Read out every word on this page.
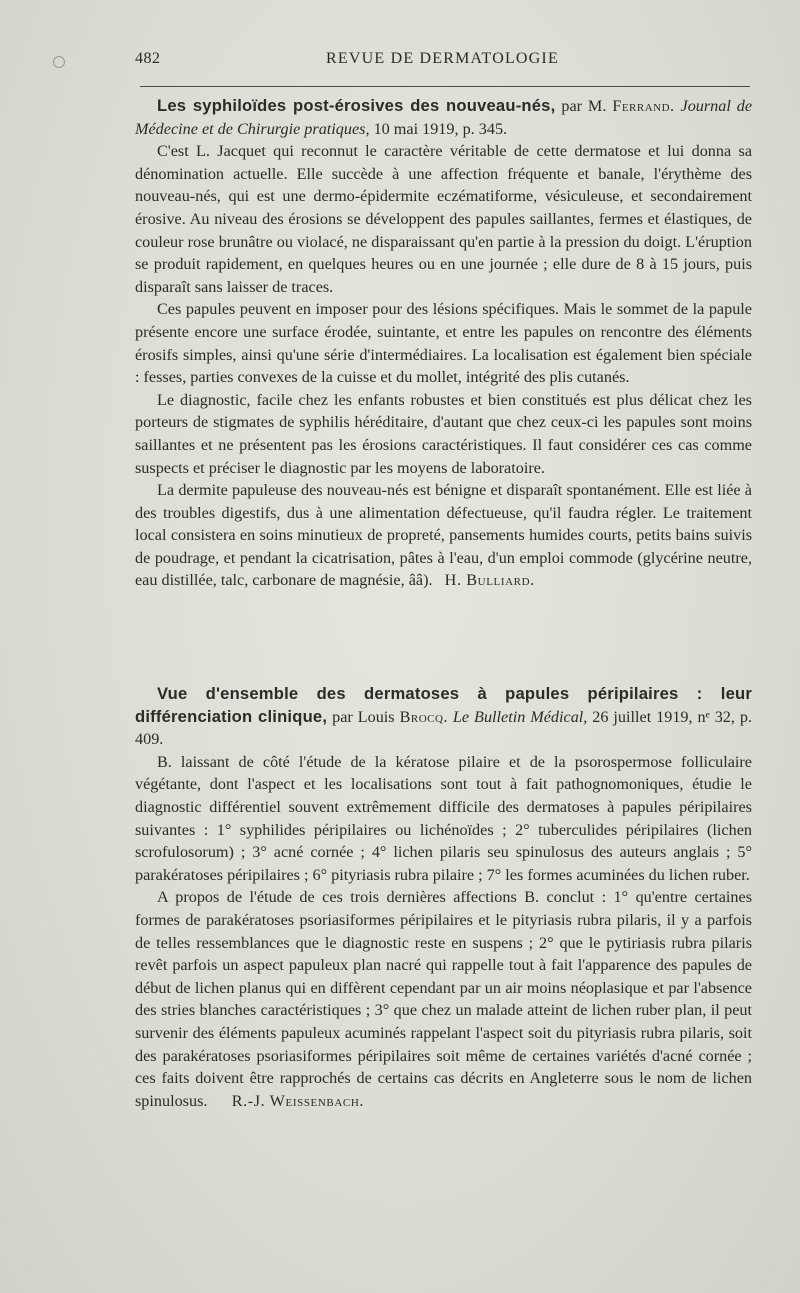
482	REVUE DE DERMATOLOGIE

Les syphiloïdes post-érosives des nouveau-nés, par M. Ferrand. Journal de Médecine et de Chirurgie pratiques, 10 mai 1919, p. 345.

C'est L. Jacquet qui reconnut le caractère véritable de cette dermatose et lui donna sa dénomination actuelle. Elle succède à une affection fréquente et banale, l'érythème des nouveau-nés, qui est une dermo-épidermite eczématiforme, vésiculeuse, et secondairement érosive. Au niveau des érosions se développent des papules saillantes, fermes et élastiques, de couleur rose brunâtre ou violacé, ne disparaissant qu'en partie à la pression du doigt. L'éruption se produit rapidement, en quelques heures ou en une journée ; elle dure de 8 à 15 jours, puis disparaît sans laisser de traces.

Ces papules peuvent en imposer pour des lésions spécifiques. Mais le sommet de la papule présente encore une surface érodée, suintante, et entre les papules on rencontre des éléments érosifs simples, ainsi qu'une série d'intermédiaires. La localisation est également bien spéciale : fesses, parties convexes de la cuisse et du mollet, intégrité des plis cutanés.

Le diagnostic, facile chez les enfants robustes et bien constitués est plus délicat chez les porteurs de stigmates de syphilis héréditaire, d'autant que chez ceux-ci les papules sont moins saillantes et ne présentent pas les érosions caractéristiques. Il faut considérer ces cas comme suspects et préciser le diagnostic par les moyens de laboratoire.

La dermite papuleuse des nouveau-nés est bénigne et disparaît spontanément. Elle est liée à des troubles digestifs, dus à une alimentation défectueuse, qu'il faudra régler. Le traitement local consistera en soins minutieux de propreté, pansements humides courts, petits bains suivis de poudrage, et pendant la cicatrisation, pâtes à l'eau, d'un emploi commode (glycérine neutre, eau distillée, talc, carbonare de magnésie, ââ). H. Bulliard.

Vue d'ensemble des dermatoses à papules péripilaires : leur différenciation clinique, par Louis Brocq. Le Bulletin Médical, 26 juillet 1919, nᵉ 32, p. 409.

B. laissant de côté l'étude de la kératose pilaire et de la psorospermose folliculaire végétante, dont l'aspect et les localisations sont tout à fait pathognomoniques, étudie le diagnostic différentiel souvent extrêmement difficile des dermatoses à papules péripilaires suivantes : 1° syphilides péripilaires ou lichénoïdes ; 2° tuberculides péripilaires (lichen scrofulosorum) ; 3° acné cornée ; 4° lichen pilaris seu spinulosus des auteurs anglais ; 5° parakératoses péripilaires ; 6° pityriasis rubra pilaire ; 7° les formes acuminées du lichen ruber.

A propos de l'étude de ces trois dernières affections B. conclut : 1° qu'entre certaines formes de parakératoses psoriasiformes péripilaires et le pityriasis rubra pilaris, il y a parfois de telles ressemblances que le diagnostic reste en suspens ; 2° que le pytiriasis rubra pilaris revêt parfois un aspect papuleux plan nacré qui rappelle tout à fait l'apparence des papules de début de lichen planus qui en diffèrent cependant par un air moins néoplasique et par l'absence des stries blanches caractéristiques ; 3° que chez un malade atteint de lichen ruber plan, il peut survenir des éléments papuleux acuminés rappelant l'aspect soit du pityriasis rubra pilaris, soit des parakératoses psoriasiformes péripilaires soit même de certaines variétés d'acné cornée ; ces faits doivent être rapprochés de certains cas décrits en Angleterre sous le nom de lichen spinulosus. R.-J. Weissenbach.
